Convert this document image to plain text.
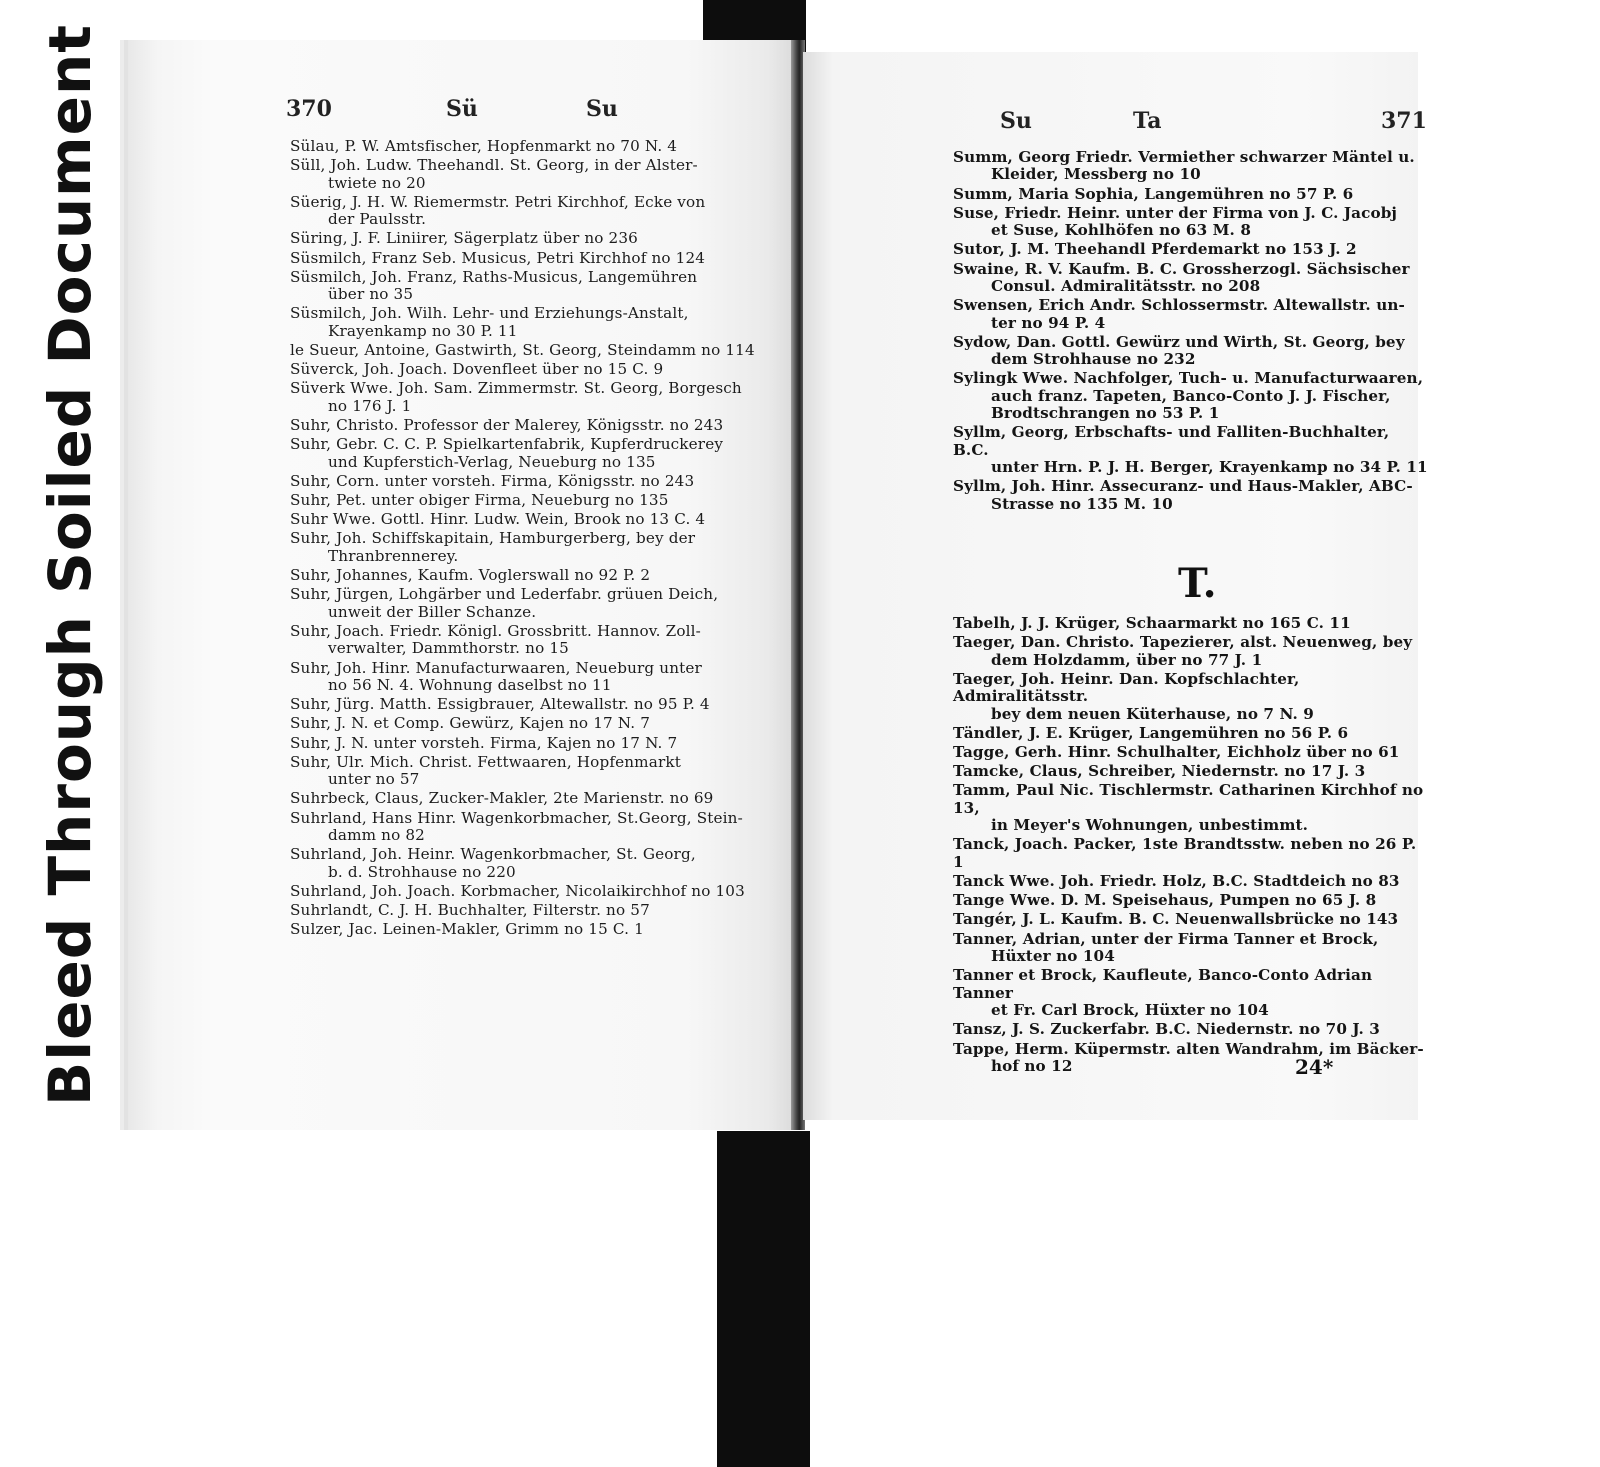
Bleed Through Soiled Document	370	Sü	Su
Sülau, P. W. Amtsfischer, Hopfenmarkt no 70 N. 4
Süll, Joh. Ludw. Theehandl. St. Georg, in der Alster-
twiete no 20
Süerig, J. H. W. Riemermstr. Petri Kirchhof, Ecke von
der Paulsstr.
Süring, J. F. Liniirer, Sägerplatz über no 236
Süsmilch, Franz Seb. Musicus, Petri Kirchhof no 124
Süsmilch, Joh. Franz, Raths-Musicus, Langemühren
über no 35
Süsmilch, Joh. Wilh. Lehr- und Erziehungs-Anstalt,
Krayenkamp no 30 P. 11
le Sueur, Antoine, Gastwirth, St. Georg, Steindamm no 114
Süverck, Joh. Joach. Dovenfleet über no 15 C. 9
Süverk Wwe. Joh. Sam. Zimmermstr. St. Georg, Borgesch
no 176 J. 1
Suhr, Christo. Professor der Malerey, Königsstr. no 243
Suhr, Gebr. C. C. P. Spielkartenfabrik, Kupferdruckerey
und Kupferstich-Verlag, Neueburg no 135
Suhr, Corn. unter vorsteh. Firma, Königsstr. no 243
Suhr, Pet. unter obiger Firma, Neueburg no 135
Suhr Wwe. Gottl. Hinr. Ludw. Wein, Brook no 13 C. 4
Suhr, Joh. Schiffskapitain, Hamburgerberg, bey der
Thranbrennerey.
Suhr, Johannes, Kaufm. Voglerswall no 92 P. 2
Suhr, Jürgen, Lohgärber und Lederfabr. grüuen Deich,
unweit der Biller Schanze.
Suhr, Joach. Friedr. Königl. Grossbritt. Hannov. Zoll-
verwalter, Dammthorstr. no 15
Suhr, Joh. Hinr. Manufacturwaaren, Neueburg unter
no 56 N. 4. Wohnung daselbst no 11
Suhr, Jürg. Matth. Essigbrauer, Altewallstr. no 95 P. 4
Suhr, J. N. et Comp. Gewürz, Kajen no 17 N. 7
Suhr, J. N. unter vorsteh. Firma, Kajen no 17 N. 7
Suhr, Ulr. Mich. Christ. Fettwaaren, Hopfenmarkt
unter no 57
Suhrbeck, Claus, Zucker-Makler, 2te Marienstr. no 69
Suhrland, Hans Hinr. Wagenkorbmacher, St.Georg, Stein-
damm no 82
Suhrland, Joh. Heinr. Wagenkorbmacher, St. Georg,
b. d. Strohhause no 220
Suhrland, Joh. Joach. Korbmacher, Nicolaikirchhof no 103
Suhrlandt, C. J. H. Buchhalter, Filterstr. no 57
Sulzer, Jac. Leinen-Makler, Grimm no 15 C. 1
Su	Ta	371
Summ, Georg Friedr. Vermiether schwarzer Mäntel u.
Kleider, Messberg no 10
Summ, Maria Sophia, Langemühren no 57 P. 6
Suse, Friedr. Heinr. unter der Firma von J. C. Jacobj
et Suse, Kohlhöfen no 63 M. 8
Sutor, J. M. Theehandl Pferdemarkt no 153 J. 2
Swaine, R. V. Kaufm. B. C. Grossherzogl. Sächsischer
Consul. Admiralitätsstr. no 208
Swensen, Erich Andr. Schlossermstr. Altewallstr. un-
ter no 94 P. 4
Sydow, Dan. Gottl. Gewürz und Wirth, St. Georg, bey
dem Strohhause no 232
Sylingk Wwe. Nachfolger, Tuch- u. Manufacturwaaren,
auch franz. Tapeten, Banco-Conto J. J. Fischer,
Brodtschrangen no 53 P. 1
Syllm, Georg, Erbschafts- und Falliten-Buchhalter, B.C.
unter Hrn. P. J. H. Berger, Krayenkamp no 34 P. 11
Syllm, Joh. Hinr. Assecuranz- und Haus-Makler, ABC-
Strasse no 135 M. 10
T.
Tabelh, J. J. Krüger, Schaarmarkt no 165 C. 11
Taeger, Dan. Christo. Tapezierer, alst. Neuenweg, bey
dem Holzdamm, über no 77 J. 1
Taeger, Joh. Heinr. Dan. Kopfschlachter, Admiralitätsstr.
bey dem neuen Küterhause, no 7 N. 9
Tändler, J. E. Krüger, Langemühren no 56 P. 6
Tagge, Gerh. Hinr. Schulhalter, Eichholz über no 61
Tamcke, Claus, Schreiber, Niedernstr. no 17 J. 3
Tamm, Paul Nic. Tischlermstr. Catharinen Kirchhof no 13,
in Meyer's Wohnungen, unbestimmt.
Tanck, Joach. Packer, 1ste Brandtsstw. neben no 26 P. 1
Tanck Wwe. Joh. Friedr. Holz, B.C. Stadtdeich no 83
Tange Wwe. D. M. Speisehaus, Pumpen no 65 J. 8
Tangér, J. L. Kaufm. B. C. Neuenwallsbrücke no 143
Tanner, Adrian, unter der Firma Tanner et Brock,
Hüxter no 104
Tanner et Brock, Kaufleute, Banco-Conto Adrian Tanner
et Fr. Carl Brock, Hüxter no 104
Tansz, J. S. Zuckerfabr. B.C. Niedernstr. no 70 J. 3
Tappe, Herm. Küpermstr. alten Wandrahm, im Bäcker-
hof no 12	24*
